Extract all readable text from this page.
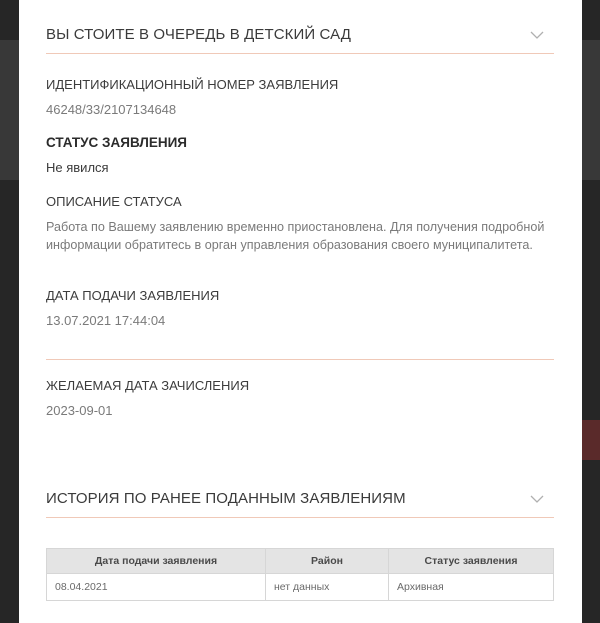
ВЫ СТОИТЕ В ОЧЕРЕДЬ В ДЕТСКИЙ САД
ИДЕНТИФИКАЦИОННЫЙ НОМЕР ЗАЯВЛЕНИЯ
46248/33/2107134648
СТАТУС ЗАЯВЛЕНИЯ
Не явился
ОПИСАНИЕ СТАТУСА
Работа по Вашему заявлению временно приостановлена. Для получения подробной информации обратитесь в орган управления образования своего муниципалитета.
ДАТА ПОДАЧИ ЗАЯВЛЕНИЯ
13.07.2021 17:44:04
ЖЕЛАЕМАЯ ДАТА ЗАЧИСЛЕНИЯ
2023-09-01
ИСТОРИЯ ПО РАНЕЕ ПОДАННЫМ ЗАЯВЛЕНИЯМ
Дата подачи заявления	Район	Статус заявления
08.04.2021	нет данных	Архивная
